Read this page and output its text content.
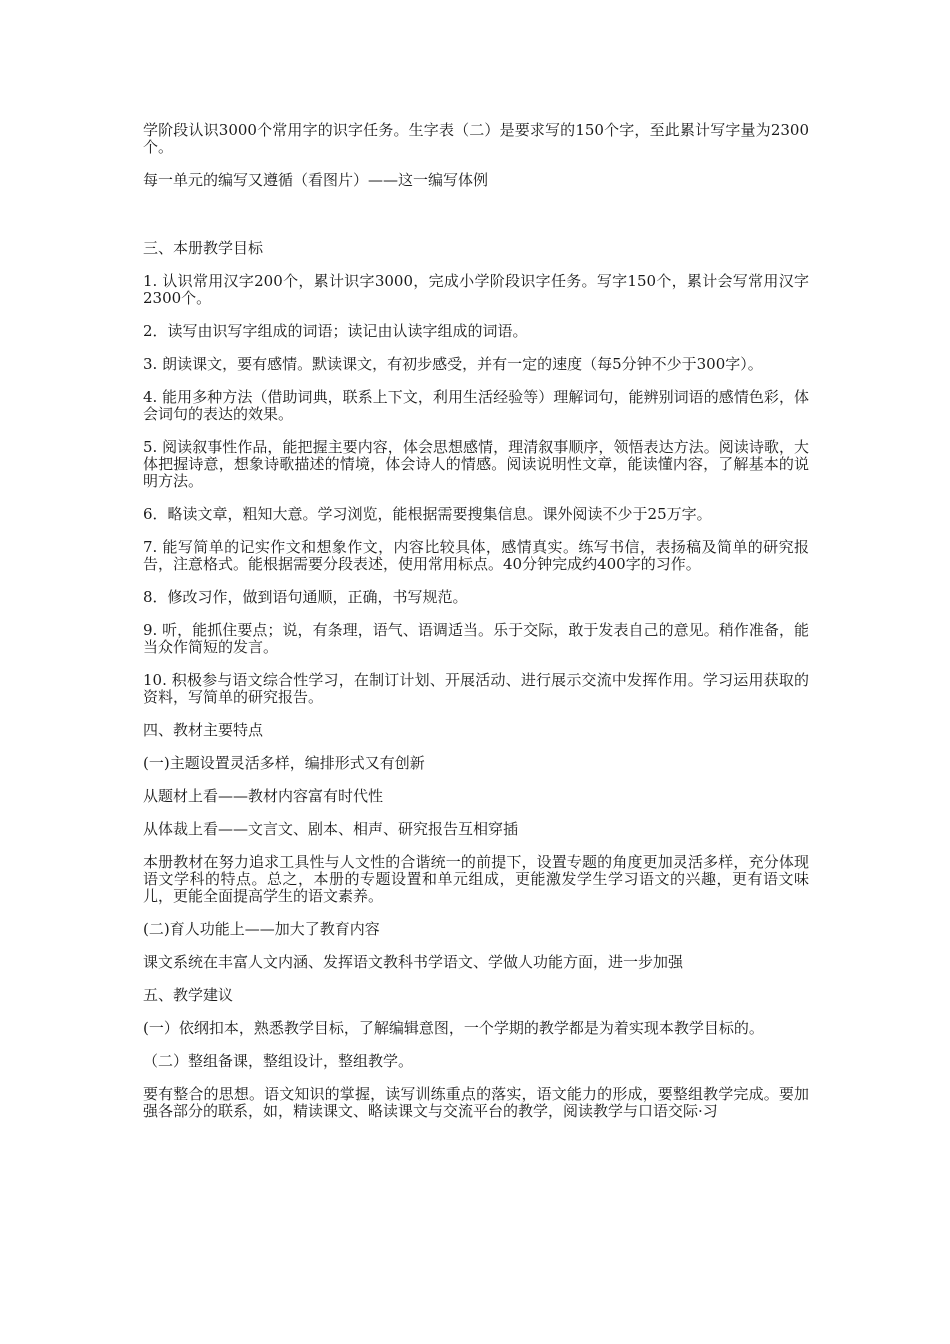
学阶段认识3000个常用字的识字任务。生字表（二）是要求写的150个字，至此累计写字量为2300个。

每一单元的编写又遵循（看图片）——这一编写体例

三、本册教学目标

1. 认识常用汉字200个，累计识字3000，完成小学阶段识字任务。写字150个，累计会写常用汉字2300个。

2．读写由识写字组成的词语；读记由认读字组成的词语。

3. 朗读课文，要有感情。默读课文，有初步感受，并有一定的速度（每5分钟不少于300字）。

4. 能用多种方法（借助词典，联系上下文，利用生活经验等）理解词句，能辨别词语的感情色彩，体会词句的表达的效果。

5. 阅读叙事性作品，能把握主要内容，体会思想感情，理清叙事顺序，领悟表达方法。阅读诗歌，大体把握诗意，想象诗歌描述的情境，体会诗人的情感。阅读说明性文章，能读懂内容，了解基本的说明方法。

6．略读文章，粗知大意。学习浏览，能根据需要搜集信息。课外阅读不少于25万字。

7. 能写简单的记实作文和想象作文，内容比较具体，感情真实。练写书信，表扬稿及简单的研究报告，注意格式。能根据需要分段表述，使用常用标点。40分钟完成约400字的习作。

8．修改习作，做到语句通顺，正确，书写规范。

9. 听，能抓住要点；说，有条理，语气、语调适当。乐于交际，敢于发表自己的意见。稍作准备，能当众作简短的发言。

10. 积极参与语文综合性学习，在制订计划、开展活动、进行展示交流中发挥作用。学习运用获取的资料，写简单的研究报告。

四、教材主要特点

(一)主题设置灵活多样，编排形式又有创新

从题材上看——教材内容富有时代性

从体裁上看——文言文、剧本、相声、研究报告互相穿插

本册教材在努力追求工具性与人文性的合谐统一的前提下，设置专题的角度更加灵活多样，充分体现语文学科的特点。总之，本册的专题设置和单元组成，更能激发学生学习语文的兴趣，更有语文味儿，更能全面提高学生的语文素养。

(二)育人功能上——加大了教育内容

课文系统在丰富人文内涵、发挥语文教科书学语文、学做人功能方面，进一步加强

五、教学建议

(一）依纲扣本，熟悉教学目标，了解编辑意图，一个学期的教学都是为着实现本教学目标的。

（二）整组备课，整组设计，整组教学。

要有整合的思想。语文知识的掌握，读写训练重点的落实，语文能力的形成，要整组教学完成。要加强各部分的联系，如，精读课文、略读课文与交流平台的教学，阅读教学与口语交际·习
